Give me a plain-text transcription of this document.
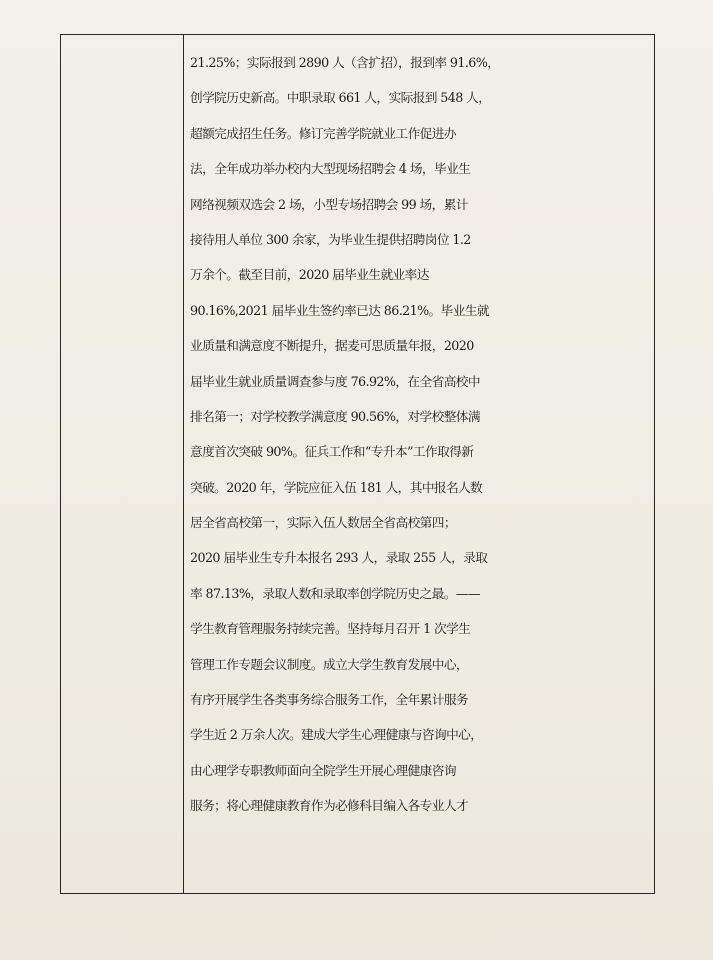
21.25%；实际报到 2890 人（含扩招），报到率 91.6%，
创学院历史新高。中职录取 661 人，实际报到 548 人，
超额完成招生任务。修订完善学院就业工作促进办
法，全年成功举办校内大型现场招聘会 4 场，毕业生
网络视频双选会 2 场，小型专场招聘会 99 场，累计
接待用人单位 300 余家，为毕业生提供招聘岗位 1.2
万余个。截至目前，2020 届毕业生就业率达
90.16%,2021 届毕业生签约率已达 86.21%。毕业生就
业质量和满意度不断提升，据麦可思质量年报，2020
届毕业生就业质量调查参与度 76.92%，在全省高校中
排名第一；对学校教学满意度 90.56%，对学校整体满
意度首次突破 90%。征兵工作和“专升本”工作取得新
突破。2020 年，学院应征入伍 181 人，其中报名人数
居全省高校第一，实际入伍人数居全省高校第四；
2020 届毕业生专升本报名 293 人，录取 255 人，录取
率 87.13%，录取人数和录取率创学院历史之最。——
学生教育管理服务持续完善。坚持每月召开 1 次学生
管理工作专题会议制度。成立大学生教育发展中心，
有序开展学生各类事务综合服务工作，全年累计服务
学生近 2 万余人次。建成大学生心理健康与咨询中心，
由心理学专职教师面向全院学生开展心理健康咨询
服务；将心理健康教育作为必修科目编入各专业人才
